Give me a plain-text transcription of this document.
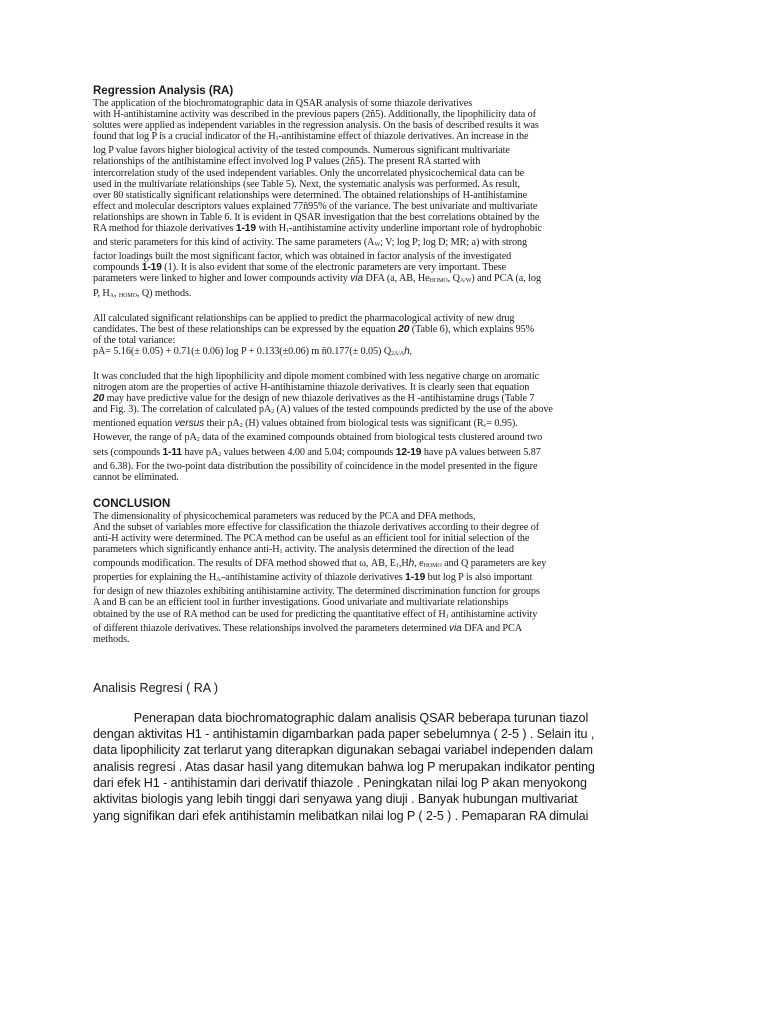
Regression Analysis (RA)

The application of the biochromatographic data in QSAR analysis of some thiazole derivatives
with H-antihistamine activity was described in the previous papers (2ñ5). Additionally, the lipophilicity data of
solutes were applied as independent variables in the regression analysis. On the basis of described results it was
found that log P is a crucial indicator of the H1-antihistamine effect of thiazole derivatives. An increase in the
log P value favors higher biological activity of the tested compounds. Numerous significant multivariate
relationships of the antihistamine effect involved log P values (2ñ5). The present RA started with
intercorrelation study of the used independent variables. Only the uncorrelated physicochemical data can be
used in the multivariate relationships (see Table 5). Next, the systematic analysis was performed. As result,
over 80 statistically significant relationships were determined. The obtained relationships of H-antihistamine
effect and molecular descriptors values explained 77ñ95% of the variance. The best univariate and multivariate
relationships are shown in Table 6. It is evident in QSAR investigation that the best correlations obtained by the
RA method for thiazole derivatives 1-19 with H1-antihistamine activity underline important role of hydrophobic
and steric parameters for this kind of activity. The same parameters (AW; V; log P; log D; MR; a) with strong
factor loadings built the most significant factor, which was obtained in factor analysis of the investigated
compounds 1-19 (1). It is also evident that some of the electronic parameters are very important. These
parameters were linked to higher and lower compounds activity via DFA (a, AB, HeHOMO, QA/W) and PCA (a, log
P, HA, HOMO, Q) methods.
All calculated significant relationships can be applied to predict the pharmacological activity of new drug
candidates. The best of these relationships can be expressed by the equation 20 (Table 6), which explains 95%
of the total variance:
pA= 5.16(± 0.05) + 0.71(± 0.06) log P + 0.133(±0.06) m ñ0.177(± 0.05) Q2A/Ah,
It was concluded that the high lipophilicity and dipole moment combined with less negative charge on aromatic
nitrogen atom are the properties of active H-antihistamine thiazole derivatives. It is clearly seen that equation
20 may have predictive value for the design of new thiazole derivatives as the H -antihistamine drugs (Table 7
and Fig. 3). The correlation of calculated pA2 (A) values of the tested compounds predicted by the use of the above
mentioned equation versus their pA2 (H) values obtained from biological tests was significant (Rc= 0.95).
However, the range of pA2 data of the examined compounds obtained from biological tests clustered around two
sets (compounds 1-11 have pA2 values between 4.00 and 5.04; compounds 12-19 have pA values between 5.87
and 6.38). For the two-point data distribution the possibility of coincidence in the model presented in the figure
cannot be eliminated.

CONCLUSION

The dimensionality of physicochemical parameters was reduced by the PCA and DFA methods,
And the subset of variables more effective for classification the thiazole derivatives according to their degree of
anti-H activity were determined. The PCA method can be useful as an efficient tool for initial selection of the
parameters which significantly enhance anti-H1 activity. The analysis determined the direction of the lead
compounds modification. The results of DFA method showed that ω, AB, E1,Hh, eHOMO and Q parameters are key
properties for explaining the HA/-antihistamine activity of thiazole derivatives 1-19 but log P is also important
for design of new thiazoles exhibiting antihistamine activity. The determined discrimination function for groups
A and B can be an efficient tool in further investigations. Good univariate and multivariate relationships
obtained by the use of RA method can be used for predicting the quantitative effect of H1 antihistamine activity
of different thiazole derivatives. These relationships involved the parameters determined via DFA and PCA
methods.

Analisis Regresi ( RA )

Penerapan data biochromatographic dalam analisis QSAR beberapa turunan tiazol
dengan aktivitas H1 - antihistamin digambarkan pada paper sebelumnya ( 2-5 ) . Selain itu ,
data lipophilicity zat terlarut yang diterapkan digunakan sebagai variabel independen dalam
analisis regresi . Atas dasar hasil yang ditemukan bahwa log P merupakan indikator penting
dari efek H1 - antihistamin dari derivatif thiazole . Peningkatan nilai log P akan menyokong
aktivitas biologis yang lebih tinggi dari senyawa yang diuji . Banyak hubungan multivariat
yang signifikan dari efek antihistamin melibatkan nilai log P ( 2-5 ) . Pemaparan RA dimulai
